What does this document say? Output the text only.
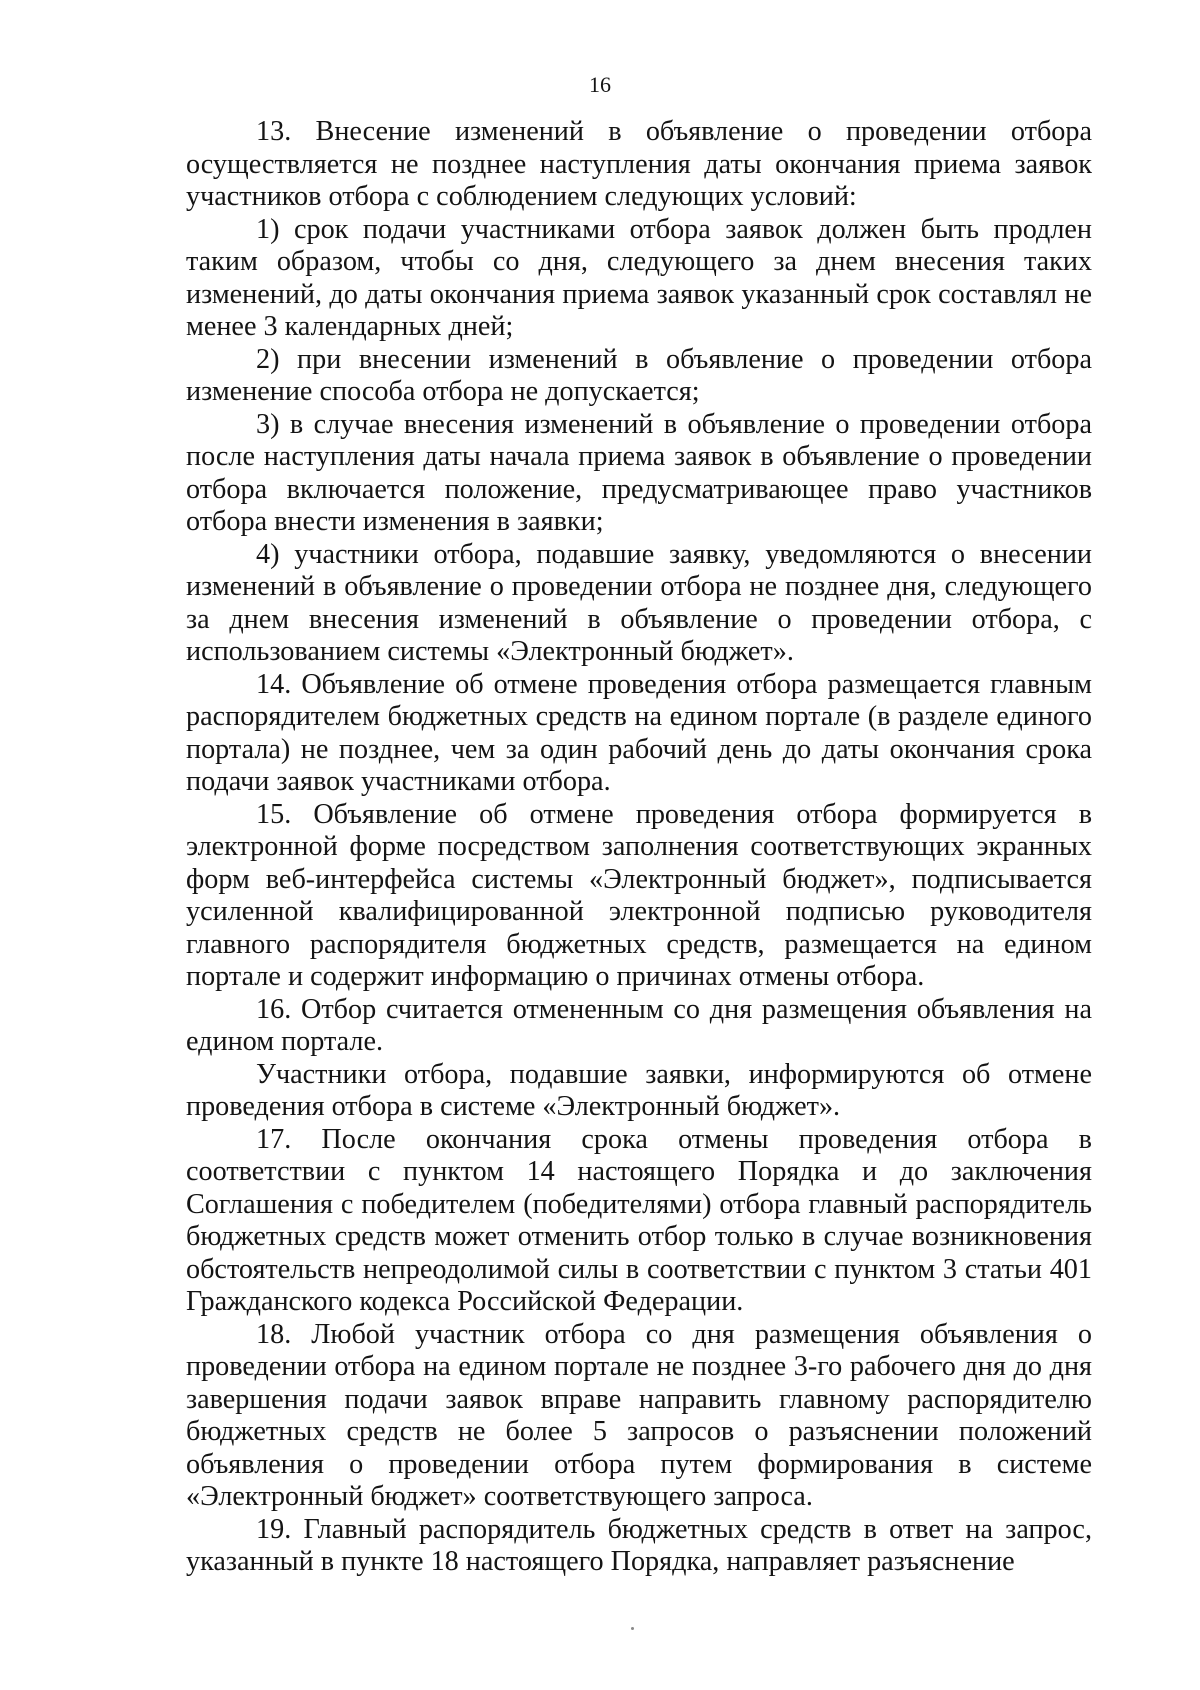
16

13. Внесение изменений в объявление о проведении отбора осуществляется не позднее наступления даты окончания приема заявок участников отбора с соблюдением следующих условий:

1) срок подачи участниками отбора заявок должен быть продлен таким образом, чтобы со дня, следующего за днем внесения таких изменений, до даты окончания приема заявок указанный срок составлял не менее 3 календарных дней;

2) при внесении изменений в объявление о проведении отбора изменение способа отбора не допускается;

3) в случае внесения изменений в объявление о проведении отбора после наступления даты начала приема заявок в объявление о проведении отбора включается положение, предусматривающее право участников отбора внести изменения в заявки;

4) участники отбора, подавшие заявку, уведомляются о внесении изменений в объявление о проведении отбора не позднее дня, следующего за днем внесения изменений в объявление о проведении отбора, с использованием системы «Электронный бюджет».

14. Объявление об отмене проведения отбора размещается главным распорядителем бюджетных средств на едином портале (в разделе единого портала) не позднее, чем за один рабочий день до даты окончания срока подачи заявок участниками отбора.

15. Объявление об отмене проведения отбора формируется в электронной форме посредством заполнения соответствующих экранных форм веб-интерфейса системы «Электронный бюджет», подписывается усиленной квалифицированной электронной подписью руководителя главного распорядителя бюджетных средств, размещается на едином портале и содержит информацию о причинах отмены отбора.

16. Отбор считается отмененным со дня размещения объявления на едином портале.

Участники отбора, подавшие заявки, информируются об отмене проведения отбора в системе «Электронный бюджет».

17. После окончания срока отмены проведения отбора в соответствии с пунктом 14 настоящего Порядка и до заключения Соглашения с победителем (победителями) отбора главный распорядитель бюджетных средств может отменить отбор только в случае возникновения обстоятельств непреодолимой силы в соответствии с пунктом 3 статьи 401 Гражданского кодекса Российской Федерации.

18. Любой участник отбора со дня размещения объявления о проведении отбора на едином портале не позднее 3-го рабочего дня до дня завершения подачи заявок вправе направить главному распорядителю бюджетных средств не более 5 запросов о разъяснении положений объявления о проведении отбора путем формирования в системе «Электронный бюджет» соответствующего запроса.

19. Главный распорядитель бюджетных средств в ответ на запрос, указанный в пункте 18 настоящего Порядка, направляет разъяснение
